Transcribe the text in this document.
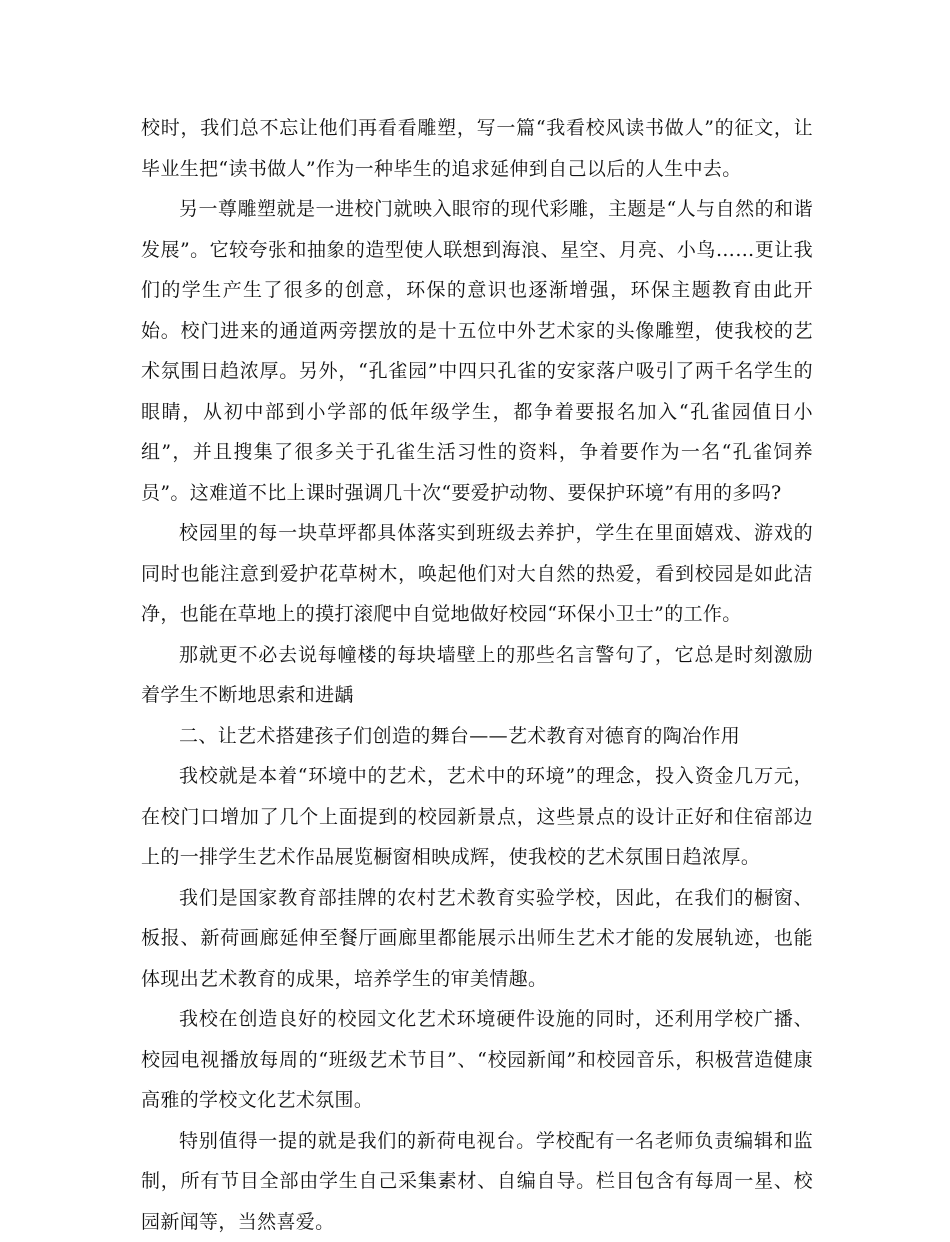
校时，我们总不忘让他们再看看雕塑，写一篇“我看校风读书做人”的征文，让毕业生把“读书做人”作为一种毕生的追求延伸到自己以后的人生中去。

另一尊雕塑就是一进校门就映入眼帘的现代彩雕，主题是“人与自然的和谐发展”。它较夸张和抽象的造型使人联想到海浪、星空、月亮、小鸟……更让我们的学生产生了很多的创意，环保的意识也逐渐增强，环保主题教育由此开始。校门进来的通道两旁摆放的是十五位中外艺术家的头像雕塑，使我校的艺术氛围日趋浓厚。另外，“孔雀园”中四只孔雀的安家落户吸引了两千名学生的眼睛，从初中部到小学部的低年级学生，都争着要报名加入“孔雀园值日小组”，并且搜集了很多关于孔雀生活习性的资料，争着要作为一名“孔雀饲养员”。这难道不比上课时强调几十次“要爱护动物、要保护环境”有用的多吗?

校园里的每一块草坪都具体落实到班级去养护，学生在里面嬉戏、游戏的同时也能注意到爱护花草树木，唤起他们对大自然的热爱，看到校园是如此洁净，也能在草地上的摸打滚爬中自觉地做好校园“环保小卫士”的工作。

那就更不必去说每幢楼的每块墙壁上的那些名言警句了，它总是时刻激励着学生不断地思索和进龋

二、让艺术搭建孩子们创造的舞台——艺术教育对德育的陶冶作用

我校就是本着“环境中的艺术，艺术中的环境”的理念，投入资金几万元，在校门口增加了几个上面提到的校园新景点，这些景点的设计正好和住宿部边上的一排学生艺术作品展览橱窗相映成辉，使我校的艺术氛围日趋浓厚。

我们是国家教育部挂牌的农村艺术教育实验学校，因此，在我们的橱窗、板报、新荷画廊延伸至餐厅画廊里都能展示出师生艺术才能的发展轨迹，也能体现出艺术教育的成果，培养学生的审美情趣。

我校在创造良好的校园文化艺术环境硬件设施的同时，还利用学校广播、校园电视播放每周的“班级艺术节目”、“校园新闻”和校园音乐，积极营造健康高雅的学校文化艺术氛围。

特别值得一提的就是我们的新荷电视台。学校配有一名老师负责编辑和监制，所有节目全部由学生自己采集素材、自编自导。栏目包含有每周一星、校园新闻等，当然喜爱。
